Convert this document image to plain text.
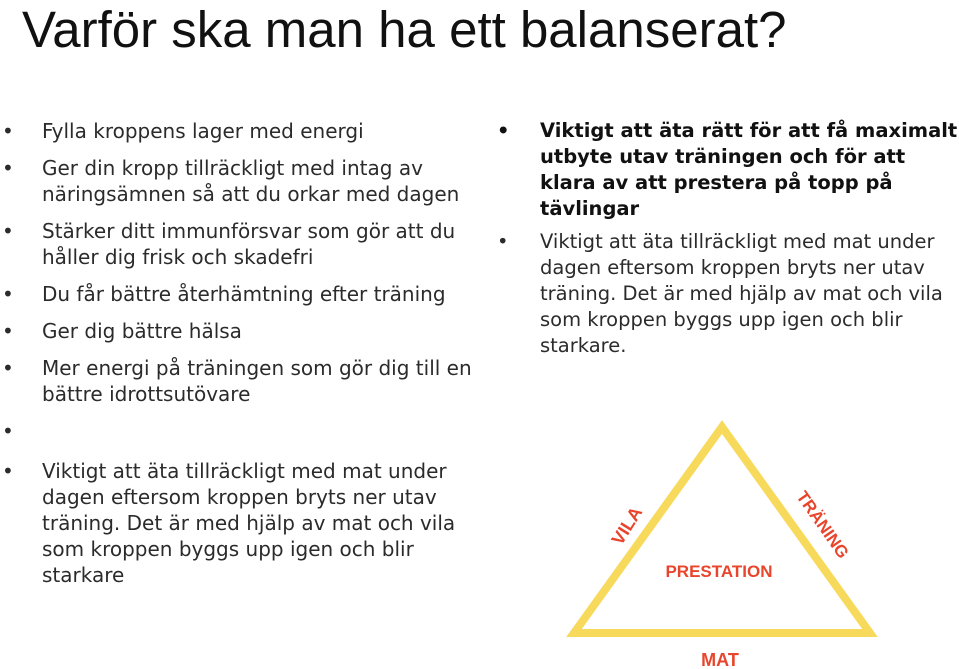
Varför ska man ha ett balanserat?
• Fylla kroppens lager med energi
• Ger din kropp tillräckligt med intag av näringsämnen så att du orkar med dagen
• Stärker ditt immunförsvar som gör att du håller dig frisk och skadefri
• Du får bättre återhämtning efter träning
• Ger dig bättre hälsa
• Mer energi på träningen som gör dig till en bättre idrottsutövare
•
• Viktigt att äta tillräckligt med mat under dagen eftersom kroppen bryts ner utav träning. Det är med hjälp av mat och vila som kroppen byggs upp igen och blir starkare
• Viktigt att äta rätt för att få maximalt utbyte utav träningen och för att klara av att prestera på topp på tävlingar
• Viktigt att äta tillräckligt med mat under dagen eftersom kroppen bryts ner utav träning. Det är med hjälp av mat och vila som kroppen byggs upp igen och blir starkare.
VILA	TRÄNING
PRESTATION
MAT
